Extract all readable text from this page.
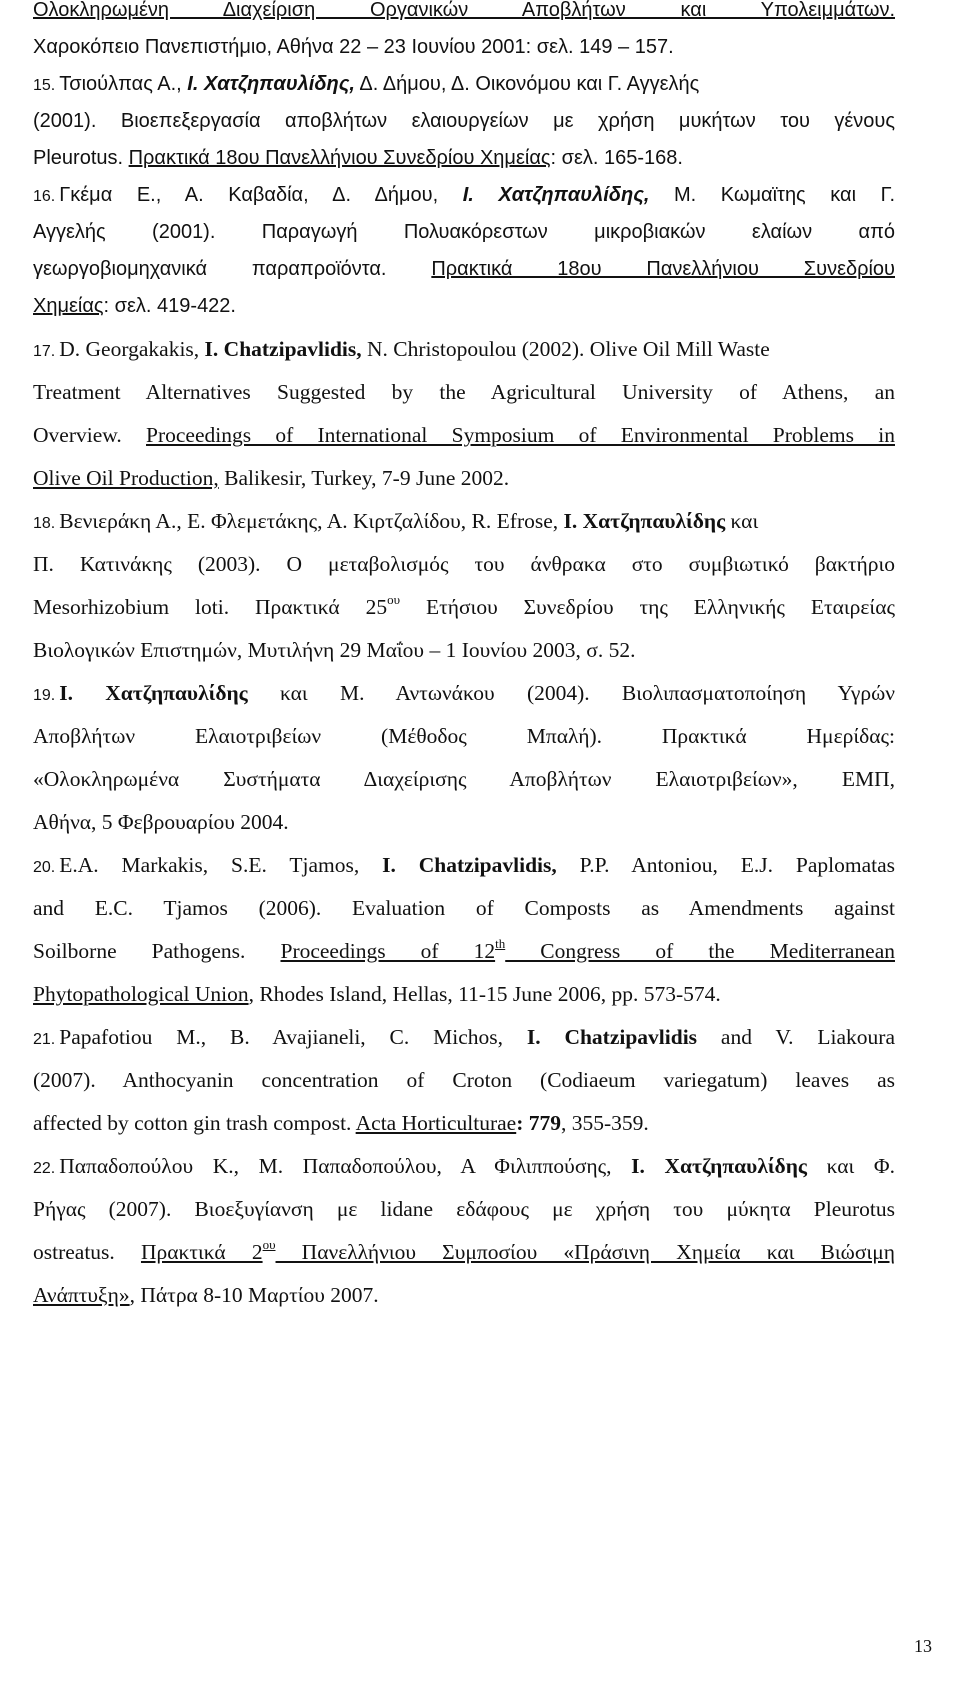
Ολοκληρωμένη Διαχείριση Οργανικών Αποβλήτων και Υπολειμμάτων.
Χαροκόπειο Πανεπιστήμιο, Αθήνα 22 – 23 Ιουνίου 2001: σελ. 149 – 157.
15. Τσιούλπας Α., Ι. Χατζηπαυλίδης, Δ. Δήμου, Δ. Οικονόμου και Γ. Αγγελής
(2001). Βιοεπεξεργασία αποβλήτων ελαιουργείων με χρήση μυκήτων του γένους
Pleurotus. Πρακτικά 18ου Πανελλήνιου Συνεδρίου Χημείας: σελ. 165-168.
16. Γκέμα Ε., Α. Καβαδία, Δ. Δήμου, Ι. Χατζηπαυλίδης, Μ. Κωμαϊτης και Γ.
Αγγελής (2001). Παραγωγή Πολυακόρεστων μικροβιακών ελαίων από
γεωργοβιομηχανικά παραπροϊόντα. Πρακτικά 18ου Πανελλήνιου Συνεδρίου
Χημείας: σελ. 419-422.
17. D. Georgakakis, I. Chatzipavlidis, N. Christopoulou (2002). Olive Oil Mill Waste
Treatment Alternatives Suggested by the Agricultural University of Athens, an
Overview. Proceedings of International Symposium of Environmental Problems in
Olive Oil Production, Balikesir, Turkey, 7-9 June 2002.
18. Βενιεράκη Α., Ε. Φλεμετάκης, Α. Κιρτζαλίδου, R. Efrose, Ι. Χατζηπαυλίδης και
Π. Κατινάκης (2003). Ο μεταβολισμός του άνθρακα στο συμβιωτικό βακτήριο
Mesorhizobium loti. Πρακτικά $25^{o\upsilon}$ Ετήσιου Συνεδρίου της Ελληνικής Εταιρείας
Βιολογικών Επιστημών, Μυτιλήνη 29 Μαΐου – 1 Ιουνίου 2003, σ. 52.
19. Ι. Χατζηπαυλίδης και Μ. Αντωνάκου (2004). Βιολιπασματοποίηση Υγρών
Αποβλήτων Ελαιοτριβείων (Μέθοδος Μπαλή). Πρακτικά Ημερίδας:
«Ολοκληρωμένα Συστήματα Διαχείρισης Αποβλήτων Ελαιοτριβείων», ΕΜΠ,
Αθήνα, 5 Φεβρουαρίου 2004.
20. E.A. Markakis, S.E. Tjamos, I. Chatzipavlidis, P.P. Antoniou, E.J. Paplomatas
and E.C. Tjamos (2006). Evaluation of Composts as Amendments against
Soilborne Pathogens. Proceedings of 12th Congress of the Mediterranean
Phytopathological Union, Rhodes Island, Hellas, 11-15 June 2006, pp. 573-574.
21. Papafotiou M., B. Avajianeli, C. Michos, I. Chatzipavlidis and V. Liakoura
(2007). Anthocyanin concentration of Croton (Codiaeum variegatum) leaves as
affected by cotton gin trash compost. Acta Horticulturae: 779, 355-359.
22. Παπαδοπούλου Κ., Μ. Παπαδοπούλου, Α Φιλιππούσης, Ι. Χατζηπαυλίδης και Φ.
Ρήγας (2007). Βιοεξυγίανση με lidane εδάφους με χρήση του μύκητα Pleurotus
ostreatus. Πρακτικά $2^{o\upsilon}$ Πανελλήνιου Συμποσίου «Πράσινη Χημεία και Βιώσιμη
Ανάπτυξη», Πάτρα 8-10 Μαρτίου 2007.
13
